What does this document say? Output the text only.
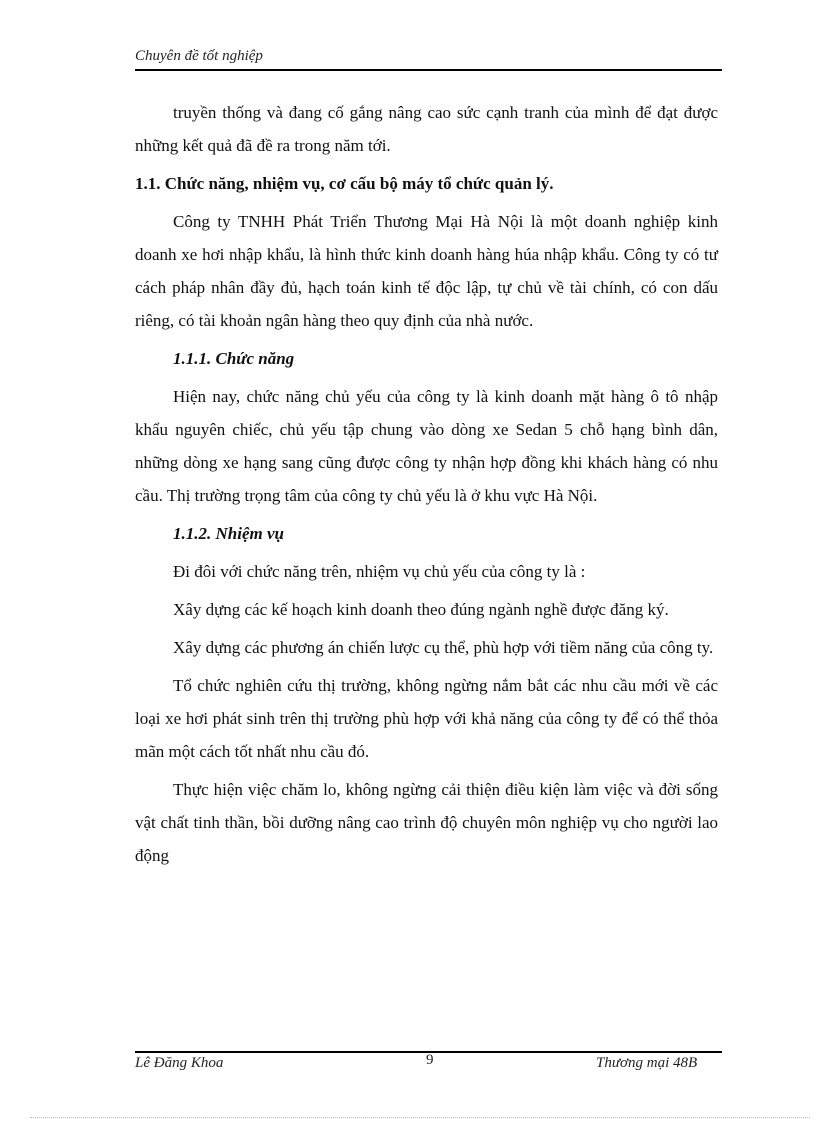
Chuyên đề tốt nghiệp

truyền thống và đang cố gắng nâng cao sức cạnh tranh của mình để đạt được những kết quả đã đề ra trong năm tới.

1.1. Chức năng, nhiệm vụ, cơ cấu bộ máy tổ chức quản lý.

Công ty TNHH Phát Triển Thương Mại Hà Nội là một doanh nghiệp kinh doanh xe hơi nhập khẩu, là hình thức kinh doanh hàng húa nhập khẩu. Công ty có tư cách pháp nhân đầy đủ, hạch toán kinh tế độc lập, tự chủ về tài chính, có con dấu riêng, có tài khoản ngân hàng theo quy định của nhà nước.

1.1.1. Chức năng

Hiện nay, chức năng chủ yếu của công ty là kinh doanh mặt hàng ô tô nhập khẩu nguyên chiếc, chủ yếu tập chung vào dòng xe Sedan 5 chỗ hạng bình dân, những dòng xe hạng sang cũng được công ty nhận hợp đồng khi khách hàng có nhu cầu. Thị trường trọng tâm của công ty chủ yếu là ở khu vực Hà Nội.

1.1.2. Nhiệm vụ

Đi đôi với chức năng trên, nhiệm vụ chủ yếu của công ty là :

Xây dựng các kế hoạch kinh doanh theo đúng ngành nghề được đăng ký.

Xây dựng các phương án chiến lược cụ thể, phù hợp với tiềm năng của công ty.

Tổ chức nghiên cứu thị trường, không ngừng nắm bắt các nhu cầu mới về các loại xe hơi phát sinh trên thị trường phù hợp với khả năng của công ty để có thể thỏa mãn một cách tốt nhất nhu cầu đó.

Thực hiện việc chăm lo, không ngừng cải thiện điều kiện làm việc và đời sống vật chất tinh thần, bồi dưỡng nâng cao trình độ chuyên môn nghiệp vụ cho người lao động

Lê Đăng Khoa	9	Thương mại 48B
